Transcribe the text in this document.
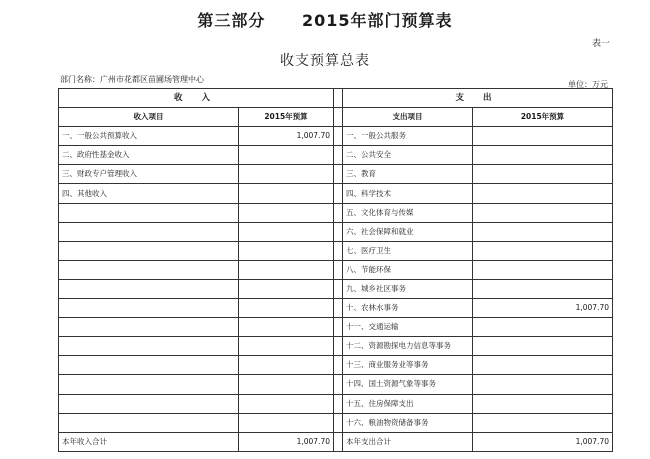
第三部分 2015年部门预算表
表一
收支预算总表
部门名称：广州市花都区苗圃场管理中心
单位：万元
收 入			支 出	
收入项目	2015年预算		支出项目	2015年预算
一、一般公共预算收入	1,007.70		一、一般公共服务	
二、政府性基金收入			二、公共安全	
三、财政专户管理收入			三、教育	
四、其他收入			四、科学技术	
			五、文化体育与传媒	
			六、社会保障和就业	
			七、医疗卫生	
			八、节能环保	
			九、城乡社区事务	
			十、农林水事务	1,007.70
			十一、交通运输	
			十二、资源勘探电力信息等事务	
			十三、商业服务业等事务	
			十四、国土资源气象等事务	
			十五、住房保障支出	
			十六、粮油物资储备事务	
本年收入合计	1,007.70		本年支出合计	1,007.70
